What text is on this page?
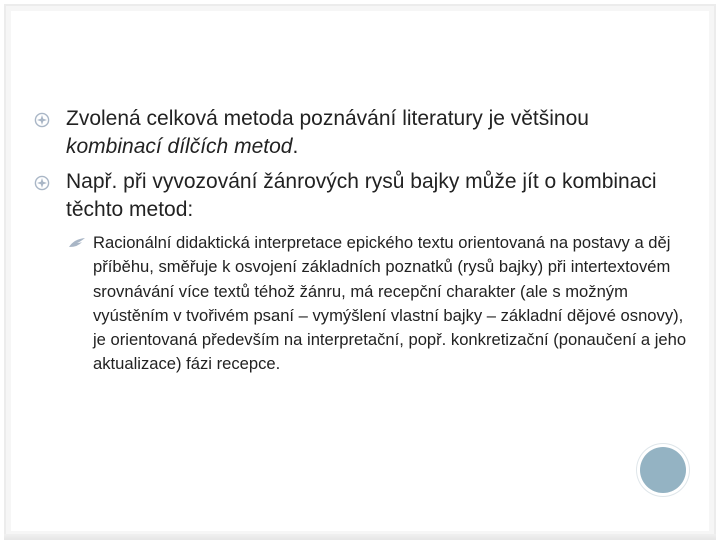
Zvolená celková metoda poznávání literatury je většinou
kombinací dílčích metod.
Např. při vyvozování žánrových rysů bajky může jít o kombinaci těchto metod:
Racionální didaktická interpretace epického textu orientovaná na postavy a děj příběhu, směřuje k osvojení základních poznatků (rysů bajky) při intertextovém srovnávání více textů téhož žánru, má recepční charakter (ale s možným vyústěním v tvořivém psaní – vymýšlení vlastní bajky – základní dějové osnovy), je orientovaná především na interpretační, popř. konkretizační (ponaučení a jeho aktualizace) fázi recepce.
